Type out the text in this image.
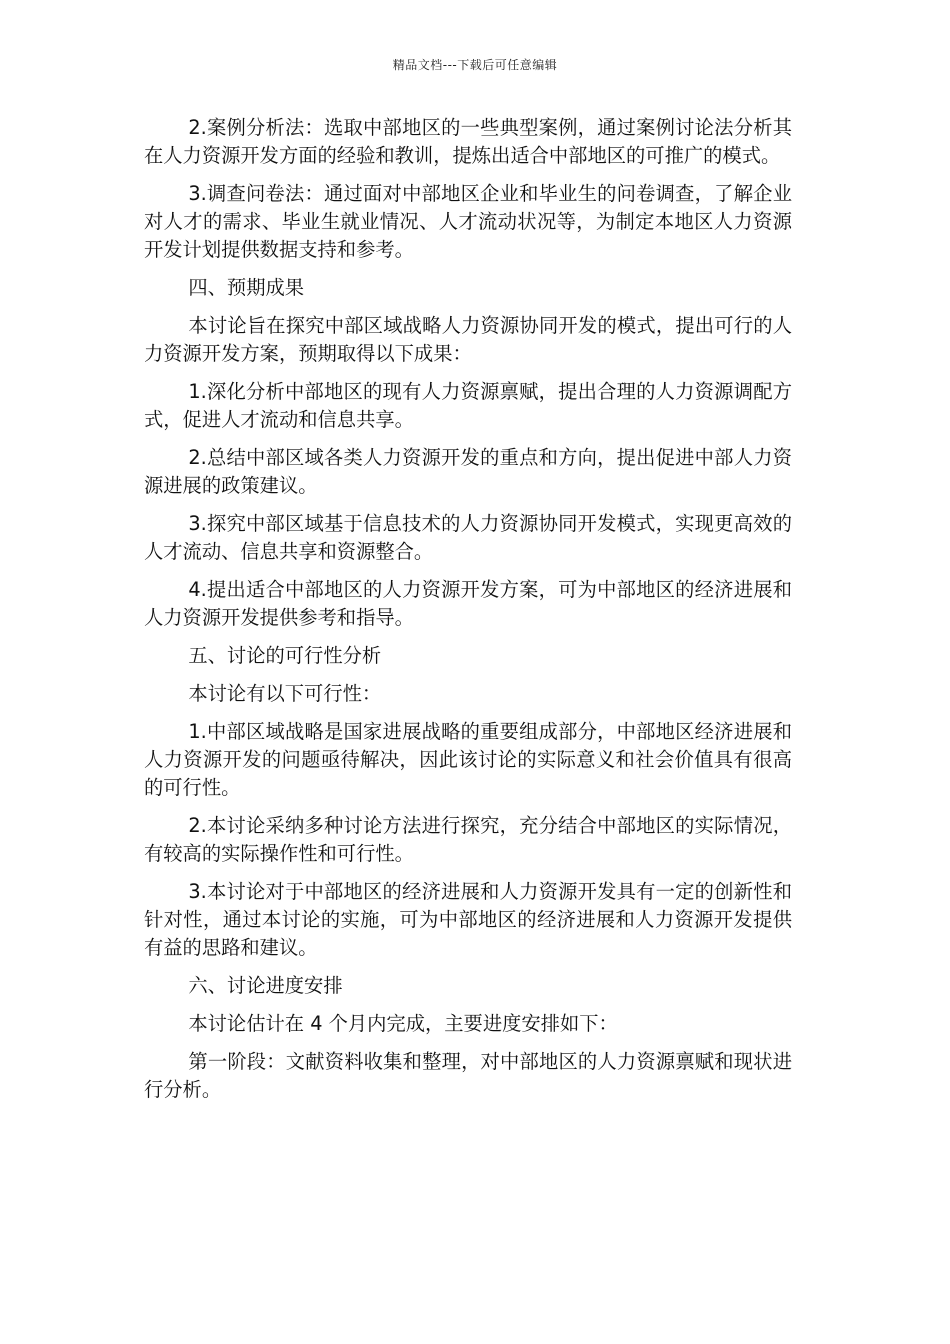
精品文档---下载后可任意编辑

2.案例分析法：选取中部地区的一些典型案例，通过案例讨论法分析其在人力资源开发方面的经验和教训，提炼出适合中部地区的可推广的模式。

3.调查问卷法：通过面对中部地区企业和毕业生的问卷调查，了解企业对人才的需求、毕业生就业情况、人才流动状况等，为制定本地区人力资源开发计划提供数据支持和参考。

四、预期成果

本讨论旨在探究中部区域战略人力资源协同开发的模式，提出可行的人力资源开发方案，预期取得以下成果：

1.深化分析中部地区的现有人力资源禀赋，提出合理的人力资源调配方式，促进人才流动和信息共享。

2.总结中部区域各类人力资源开发的重点和方向，提出促进中部人力资源进展的政策建议。

3.探究中部区域基于信息技术的人力资源协同开发模式，实现更高效的人才流动、信息共享和资源整合。

4.提出适合中部地区的人力资源开发方案，可为中部地区的经济进展和人力资源开发提供参考和指导。

五、讨论的可行性分析

本讨论有以下可行性：

1.中部区域战略是国家进展战略的重要组成部分，中部地区经济进展和人力资源开发的问题亟待解决，因此该讨论的实际意义和社会价值具有很高的可行性。

2.本讨论采纳多种讨论方法进行探究，充分结合中部地区的实际情况，有较高的实际操作性和可行性。

3.本讨论对于中部地区的经济进展和人力资源开发具有一定的创新性和针对性，通过本讨论的实施，可为中部地区的经济进展和人力资源开发提供有益的思路和建议。

六、讨论进度安排

本讨论估计在 4 个月内完成，主要进度安排如下：

第一阶段：文献资料收集和整理，对中部地区的人力资源禀赋和现状进行分析。
